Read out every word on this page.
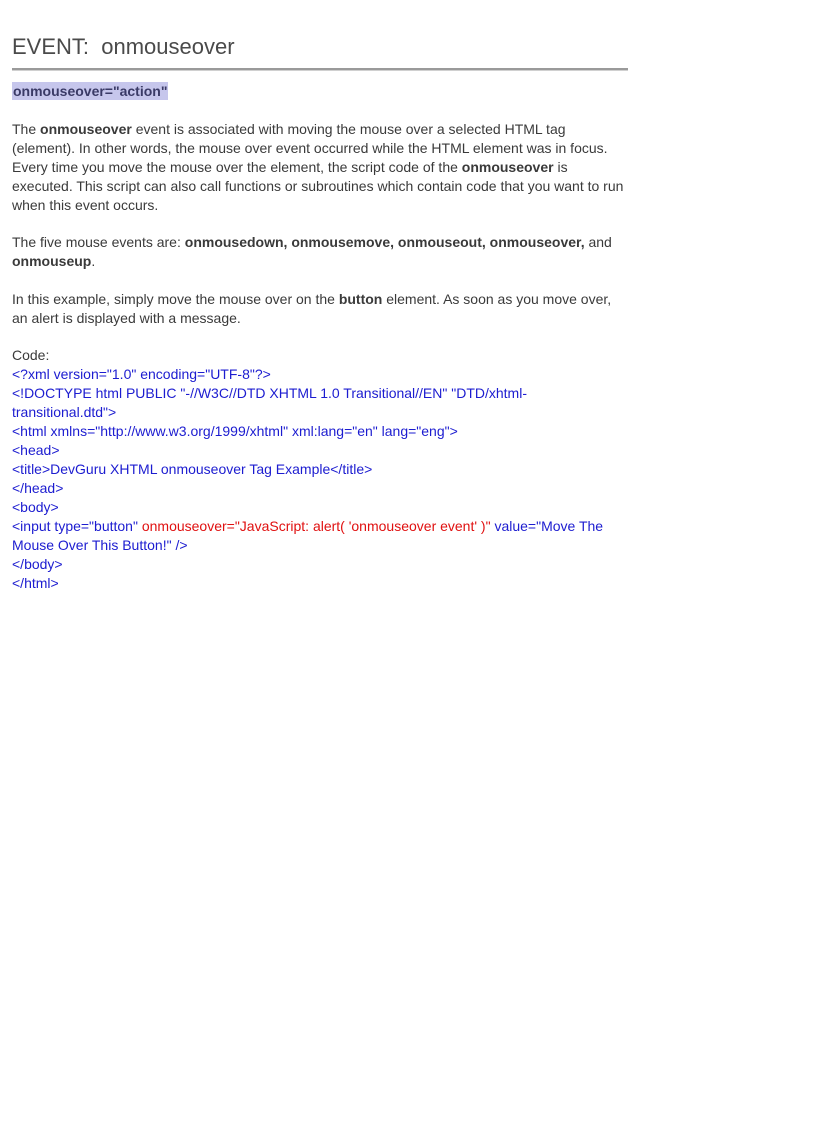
EVENT:  onmouseover
onmouseover="action"

The onmouseover event is associated with moving the mouse over a selected HTML tag (element). In other words, the mouse over event occurred while the HTML element was in focus. Every time you move the mouse over the element, the script code of the onmouseover is executed. This script can also call functions or subroutines which contain code that you want to run when this event occurs.

The five mouse events are: onmousedown, onmousemove, onmouseout, onmouseover, and onmouseup.

In this example, simply move the mouse over on the button element. As soon as you move over, an alert is displayed with a message.

Code:
<?xml version="1.0" encoding="UTF-8"?>
<!DOCTYPE html PUBLIC "-//W3C//DTD XHTML 1.0 Transitional//EN" "DTD/xhtml-transitional.dtd">
<html xmlns="http://www.w3.org/1999/xhtml" xml:lang="en" lang="eng">
<head>
<title>DevGuru XHTML onmouseover Tag Example</title>
</head>
<body>
<input type="button" onmouseover="JavaScript: alert( 'onmouseover event' )" value="Move The Mouse Over This Button!" />
</body>
</html>
